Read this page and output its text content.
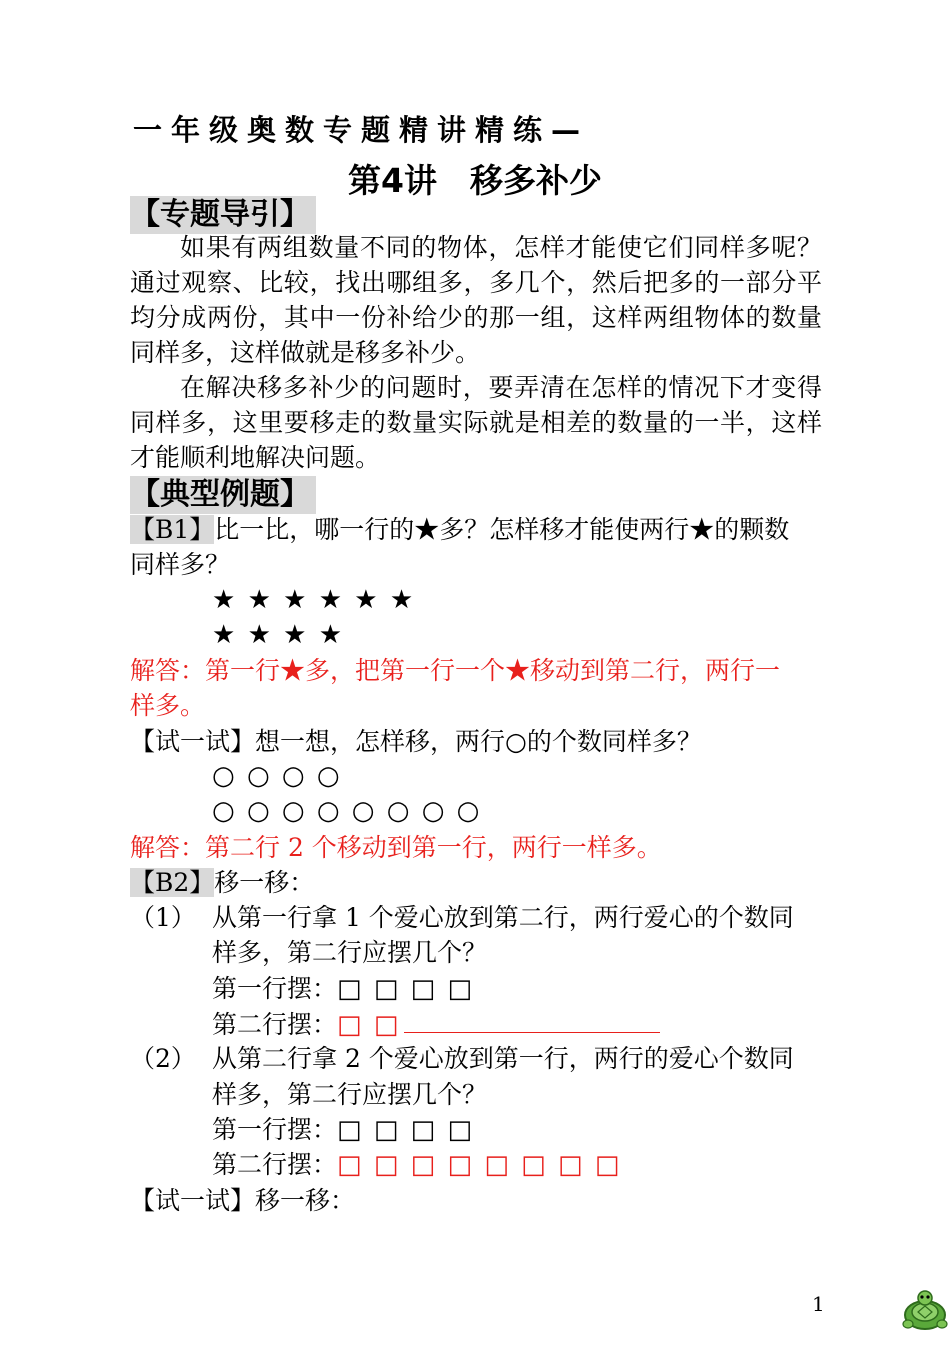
一年级奥数专题精讲精练—
第4讲　移多补少
【专题导引】

如果有两组数量不同的物体，怎样才能使它们同样多呢？通过观察、比较，找出哪组多，多几个，然后把多的一部分平均分成两份，其中一份补给少的那一组，这样两组物体的数量同样多，这样做就是移多补少。

在解决移多补少的问题时，要弄清在怎样的情况下才变得同样多，这里要移走的数量实际就是相差的数量的一半，这样才能顺利地解决问题。

【典型例题】
【B1】比一比，哪一行的★多？怎样移才能使两行★的颗数
同样多？
★ ★ ★ ★ ★ ★
★ ★ ★ ★
解答：第一行★多，把第一行一个★移动到第二行，两行一
样多。
【试一试】想一想，怎样移，两行○的个数同样多？
○ ○ ○ ○
○ ○ ○ ○ ○ ○ ○ ○
解答：第二行 2 个移动到第一行，两行一样多。
【B2】移一移：
（1） 从第一行拿 1 个爱心放到第二行，两行爱心的个数同
样多，第二行应摆几个？
第一行摆：□ □ □ □
第二行摆：□ □
（2） 从第二行拿 2 个爱心放到第一行，两行的爱心个数同
样多，第二行应摆几个？
第一行摆：□ □ □ □
第二行摆：□ □ □ □ □ □ □ □
【试一试】移一移：
1
